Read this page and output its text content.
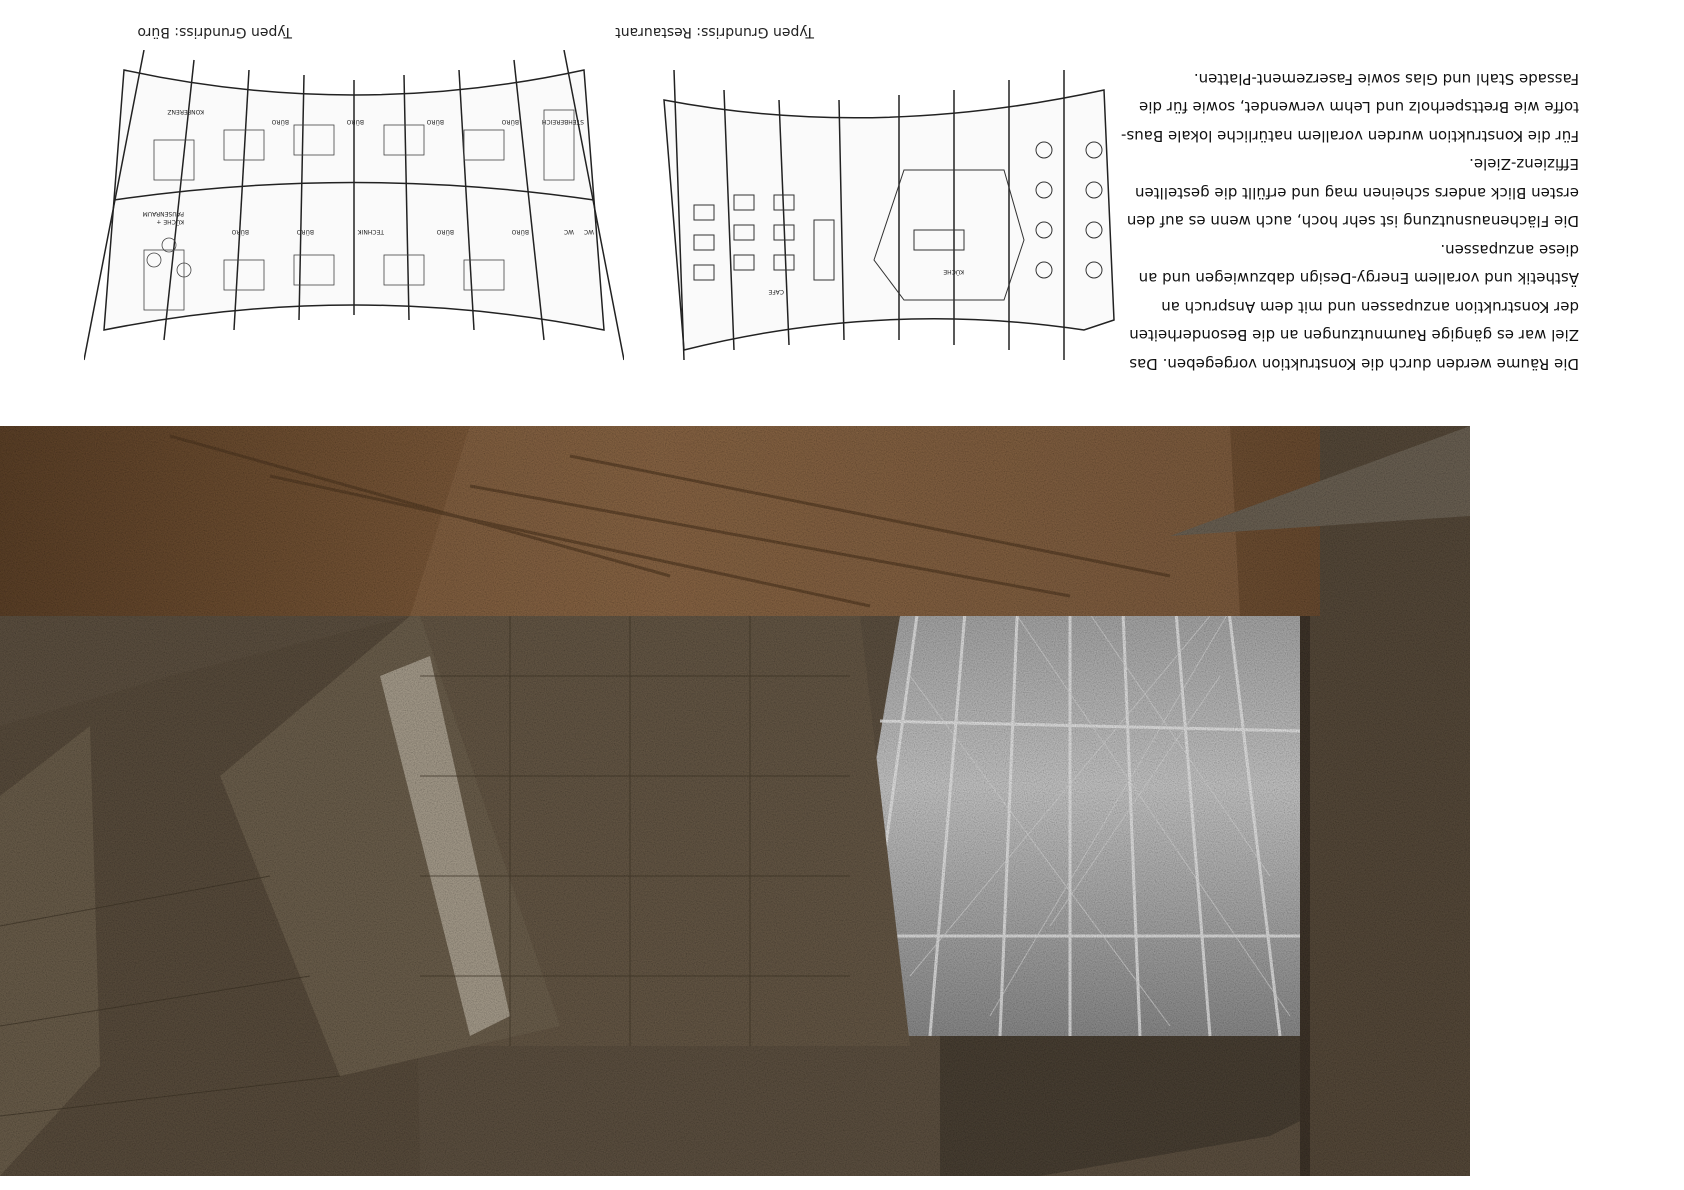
BÜRO
BÜRO
TECHNIK
BÜRO
BÜRO
KÜCHE +
PAUSENRAUM
WC
WC
STEHBEREICH
BÜRO
BÜRO
BÜRO
BÜRO
KONFERENZ
KÜCHE
CAFE
Typen Grundriss: Büro	Typen Grundriss: Restaurant
Die Räume werden durch die Konstruktion vorgegeben. Das
Ziel war es gängige Raumnutzungen an die Besonderheiten
der Konstruktion anzupassen und mit dem Anspruch an
Ästhetik und vorallem Energy-Design dabzuwiegen und an
diese anzupassen.
Die Flächenausnutzung ist sehr hoch, auch wenn es auf den
ersten Blick anders scheinen mag und erfüllt die gestellten
Effizienz-Ziele.
Für die Konstruktion wurden vorallem natürliche lokale Baus-
toffe wie Brettsperholz und Lehm verwendet, sowie für die
Fassade Stahl und Glas sowie Faserzement-Platten.
